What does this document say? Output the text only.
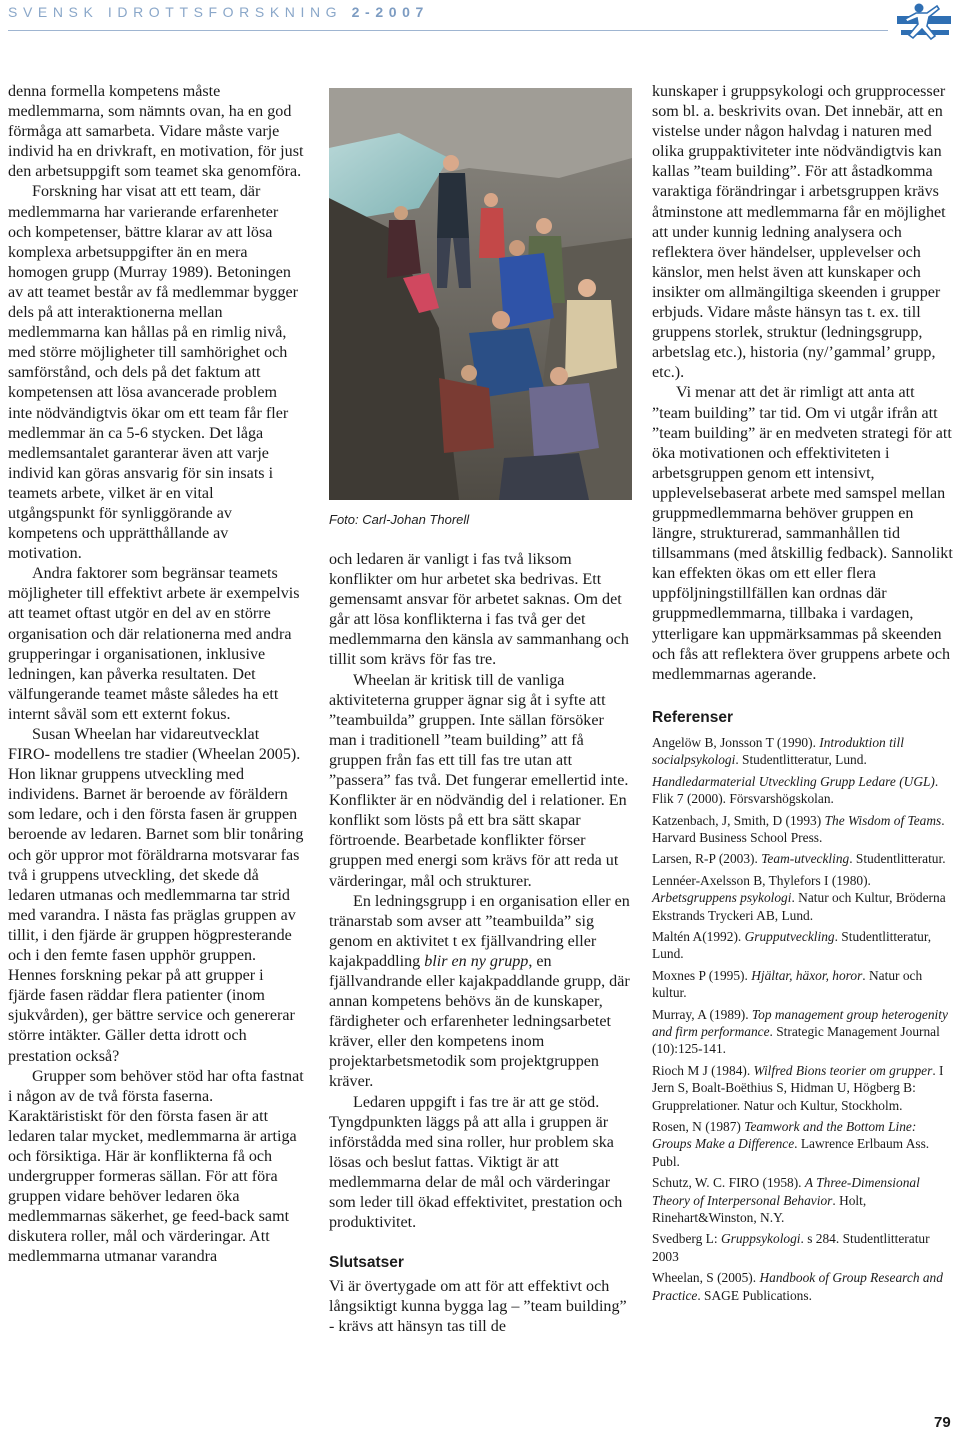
SVENSK IDROTTSFORSKNING 2-2007

denna formella kompetens måste medlemmarna, som nämnts ovan, ha en god förmåga att samarbeta. Vidare måste varje individ ha en drivkraft, en motivation, för just den arbetsuppgift som teamet ska genomföra.

Forskning har visat att ett team, där medlemmarna har varierande erfarenheter och kompetenser, bättre klarar av att lösa komplexa arbetsuppgifter än en mera homogen grupp (Murray 1989). Betoningen av att teamet består av få medlemmar bygger dels på att interaktionerna mellan medlemmarna kan hållas på en rimlig nivå, med större möjligheter till samhörighet och samförstånd, och dels på det faktum att kompetensen att lösa avancerade problem inte nödvändigtvis ökar om ett team får fler medlemmar än ca 5-6 stycken. Det låga medlemsantalet garanterar även att varje individ kan göras ansvarig för sin insats i teamets arbete, vilket är en vital utgångspunkt för synliggörande av kompetens och upprätthållande av motivation.

Andra faktorer som begränsar teamets möjligheter till effektivt arbete är exempelvis att teamet oftast utgör en del av en större organisation och där relationerna med andra grupperingar i organisationen, inklusive ledningen, kan påverka resultaten. Det välfungerande teamet måste således ha ett internt såväl som ett externt fokus.

Susan Wheelan har vidareutvecklat FIRO- modellens tre stadier (Wheelan 2005). Hon liknar gruppens utveckling med individens. Barnet är beroende av föräldern som ledare, och i den första fasen är gruppen beroende av ledaren. Barnet som blir tonåring och gör uppror mot föräldrarna motsvarar fas två i gruppens utveckling, det skede då ledaren utmanas och medlemmarna tar strid med varandra. I nästa fas präglas gruppen av tillit, i den fjärde är gruppen högpresterande och i den femte fasen upphör gruppen. Hennes forskning pekar på att grupper i fjärde fasen räddar flera patienter (inom sjukvården), ger bättre service och genererar större intäkter. Gäller detta idrott och prestation också?

Grupper som behöver stöd har ofta fastnat i någon av de två första faserna. Karaktäristiskt för den första fasen är att ledaren talar mycket, medlemmarna är artiga och försiktiga. Här är konflikterna få och undergrupper formeras sällan. För att föra gruppen vidare behöver ledaren öka medlemmarnas säkerhet, ge feed-back samt diskutera roller, mål och värderingar. Att medlemmarna utmanar varandra

Foto: Carl-Johan Thorell

och ledaren är vanligt i fas två liksom konflikter om hur arbetet ska bedrivas. Ett gemensamt ansvar för arbetet saknas. Om det går att lösa konflikterna i fas två ger det medlemmarna den känsla av sammanhang och tillit som krävs för fas tre.

Wheelan är kritisk till de vanliga aktiviteterna grupper ägnar sig åt i syfte att ”teambuilda” gruppen. Inte sällan försöker man i traditionell ”team building” att få gruppen från fas ett till fas tre utan att ”passera” fas två. Det fungerar emellertid inte. Konflikter är en nödvändig del i relationer. En konflikt som lösts på ett bra sätt skapar förtroende. Bearbetade konflikter förser gruppen med energi som krävs för att reda ut värderingar, mål och strukturer.

En ledningsgrupp i en organisation eller en tränarstab som avser att ”teambuilda” sig genom en aktivitet t ex fjällvandring eller kajakpaddling blir en ny grupp, en fjällvandrande eller kajakpaddlande grupp, där annan kompetens behövs än de kunskaper, färdigheter och erfarenheter ledningsarbetet kräver, eller den kompetens inom projektarbetsmetodik som projektgruppen kräver.

Ledaren uppgift i fas tre är att ge stöd. Tyngdpunkten läggs på att alla i gruppen är införstådda med sina roller, hur problem ska lösas och beslut fattas. Viktigt är att medlemmarna delar de mål och värderingar som leder till ökad effektivitet, prestation och produktivitet.

Slutsatser

Vi är övertygade om att för att effektivt och långsiktigt kunna bygga lag – ”team building” - krävs att hänsyn tas till de

kunskaper i gruppsykologi och grupprocesser som bl. a. beskrivits ovan. Det innebär, att en vistelse under någon halvdag i naturen med olika gruppaktiviteter inte nödvändigtvis kan kallas ”team building”. För att åstadkomma varaktiga förändringar i arbetsgruppen krävs åtminstone att medlemmarna får en möjlighet att under kunnig ledning analysera och reflektera över händelser, upplevelser och känslor, men helst även att kunskaper och insikter om allmängiltiga skeenden i grupper erbjuds. Vidare måste hänsyn tas t. ex. till gruppens storlek, struktur (ledningsgrupp, arbetslag etc.), historia (ny/’gammal’ grupp, etc.).

Vi menar att det är rimligt att anta att ”team building” tar tid. Om vi utgår ifrån att ”team building” är en medveten strategi för att öka motivationen och effektiviteten i arbetsgruppen genom ett intensivt, upplevelsebaserat arbete med samspel mellan gruppmedlemmarna behöver gruppen en längre, strukturerad, sammanhållen tid tillsammans (med åtskillig fedback). Sannolikt kan effekten ökas om ett eller flera uppföljningstillfällen kan ordnas där gruppmedlemmarna, tillbaka i vardagen, ytterligare kan uppmärksammas på skeenden och fås att reflektera över gruppens arbete och medlemmarnas agerande.

Referenser
Angelöw B, Jonsson T (1990). Introduktion till socialpsykologi. Studentlitteratur, Lund.
Handledarmaterial Utveckling Grupp Ledare (UGL). Flik 7 (2000). Försvarshögskolan.
Katzenbach, J, Smith, D (1993) The Wisdom of Teams. Harvard Business School Press.
Larsen, R-P (2003). Team-utveckling. Studentlitteratur.
Lennéer-Axelsson B, Thylefors I (1980). Arbetsgruppens psykologi. Natur och Kultur, Bröderna Ekstrands Tryckeri AB, Lund.
Maltén A(1992). Grupputveckling. Studentlitteratur, Lund.
Moxnes P (1995). Hjältar, häxor, horor. Natur och kultur.
Murray, A (1989). Top management group heterogenity and firm performance. Strategic Management Journal (10):125-141.
Rioch M J (1984). Wilfred Bions teorier om grupper. I Jern S, Boalt-Boëthius S, Hidman U, Högberg B: Grupprelationer. Natur och Kultur, Stockholm.
Rosen, N (1987) Teamwork and the Bottom Line: Groups Make a Difference. Lawrence Erlbaum Ass. Publ.
Schutz, W. C. FIRO (1958). A Three-Dimensional Theory of Interpersonal Behavior. Holt, Rinehart&Winston, N.Y.
Svedberg L: Gruppsykologi. s 284. Studentlitteratur 2003
Wheelan, S (2005). Handbook of Group Research and Practice. SAGE Publications.
79
